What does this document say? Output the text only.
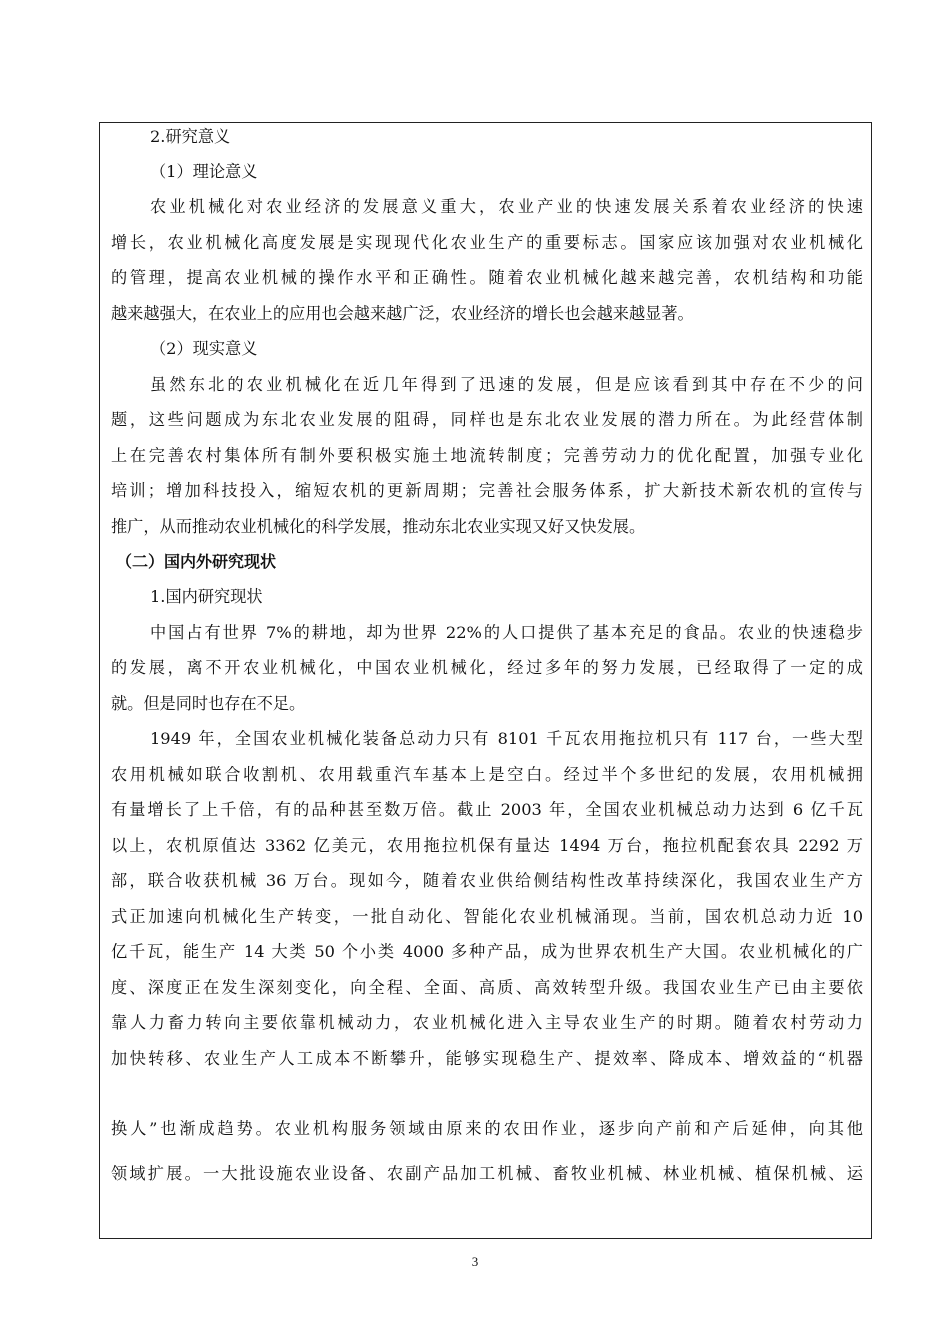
2.研究意义
（1）理论意义
农业机械化对农业经济的发展意义重大，农业产业的快速发展关系着农业经济的快速
增长，农业机械化高度发展是实现现代化农业生产的重要标志。国家应该加强对农业机械化
的管理，提高农业机械的操作水平和正确性。随着农业机械化越来越完善，农机结构和功能
越来越强大，在农业上的应用也会越来越广泛，农业经济的增长也会越来越显著。
（2）现实意义
虽然东北的农业机械化在近几年得到了迅速的发展，但是应该看到其中存在不少的问
题，这些问题成为东北农业发展的阻碍，同样也是东北农业发展的潜力所在。为此经营体制
上在完善农村集体所有制外要积极实施土地流转制度；完善劳动力的优化配置，加强专业化
培训；增加科技投入，缩短农机的更新周期；完善社会服务体系，扩大新技术新农机的宣传与
推广，从而推动农业机械化的科学发展，推动东北农业实现又好又快发展。
（二）国内外研究现状
1.国内研究现状
中国占有世界 7%的耕地，却为世界 22%的人口提供了基本充足的食品。农业的快速稳步
的发展，离不开农业机械化，中国农业机械化，经过多年的努力发展，已经取得了一定的成
就。但是同时也存在不足。
1949 年，全国农业机械化装备总动力只有 8101 千瓦农用拖拉机只有 117 台，一些大型
农用机械如联合收割机、农用载重汽车基本上是空白。经过半个多世纪的发展，农用机械拥
有量增长了上千倍，有的品种甚至数万倍。截止 2003 年，全国农业机械总动力达到 6 亿千瓦
以上，农机原值达 3362 亿美元，农用拖拉机保有量达 1494 万台，拖拉机配套农具 2292 万
部，联合收获机械 36 万台。现如今，随着农业供给侧结构性改革持续深化，我国农业生产方
式正加速向机械化生产转变，一批自动化、智能化农业机械涌现。当前，国农机总动力近 10
亿千瓦，能生产 14 大类 50 个小类 4000 多种产品，成为世界农机生产大国。农业机械化的广
度、深度正在发生深刻变化，向全程、全面、高质、高效转型升级。我国农业生产已由主要依
靠人力畜力转向主要依靠机械动力，农业机械化进入主导农业生产的时期。随着农村劳动力
加快转移、农业生产人工成本不断攀升，能够实现稳生产、提效率、降成本、增效益的“机器
换人”也渐成趋势。农业机构服务领域由原来的农田作业，逐步向产前和产后延伸，向其他
领域扩展。一大批设施农业设备、农副产品加工机械、畜牧业机械、林业机械、植保机械、运
3
